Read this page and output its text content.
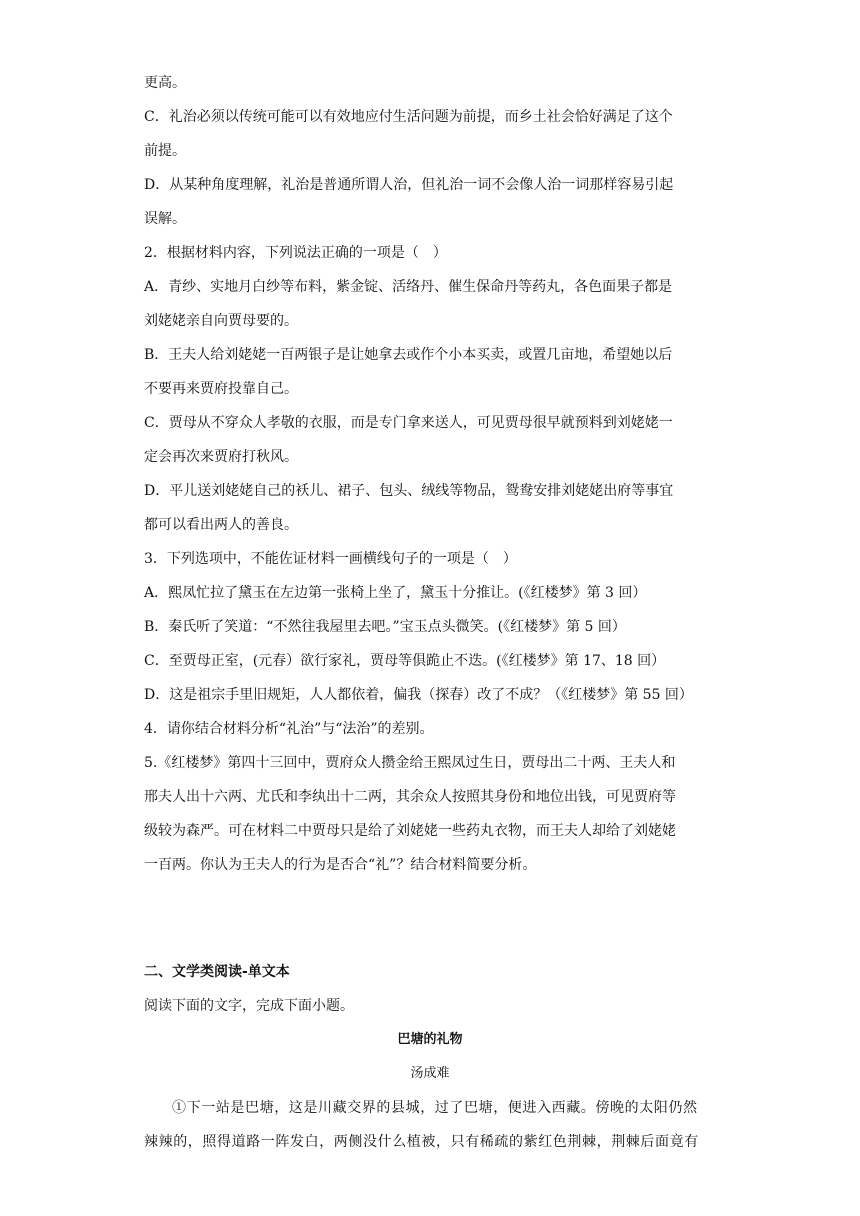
更高。
C．礼治必须以传统可能可以有效地应付生活问题为前提，而乡土社会恰好满足了这个
前提。
D．从某种角度理解，礼治是普通所谓人治，但礼治一词不会像人治一词那样容易引起
误解。
2．根据材料内容，下列说法正确的一项是（　）
A．青纱、实地月白纱等布料，紫金锭、活络丹、催生保命丹等药丸，各色面果子都是
刘姥姥亲自向贾母要的。
B．王夫人给刘姥姥一百两银子是让她拿去或作个小本买卖，或置几亩地，希望她以后
不要再来贾府投靠自己。
C．贾母从不穿众人孝敬的衣服，而是专门拿来送人，可见贾母很早就预料到刘姥姥一
定会再次来贾府打秋风。
D．平儿送刘姥姥自己的袄儿、裙子、包头、绒线等物品，鸳鸯安排刘姥姥出府等事宜
都可以看出两人的善良。
3．下列选项中，不能佐证材料一画横线句子的一项是（　）
A．熙凤忙拉了黛玉在左边第一张椅上坐了，黛玉十分推让。(《红楼梦》第 3 回）
B．秦氏听了笑道：“不然往我屋里去吧。”宝玉点头微笑。(《红楼梦》第 5 回）
C．至贾母正室，(元春）欲行家礼，贾母等俱跪止不迭。(《红楼梦》第 17、18 回）
D．这是祖宗手里旧规矩，人人都依着，偏我（探春）改了不成？（《红楼梦》第 55 回）
4．请你结合材料分析“礼治”与“法治”的差别。
5.《红楼梦》第四十三回中，贾府众人攒金给王熙凤过生日，贾母出二十两、王夫人和
邢夫人出十六两、尤氏和李纨出十二两，其余众人按照其身份和地位出钱，可见贾府等
级较为森严。可在材料二中贾母只是给了刘姥姥一些药丸衣物，而王夫人却给了刘姥姥
一百两。你认为王夫人的行为是否合“礼”？结合材料简要分析。
二、文学类阅读-单文本
阅读下面的文字，完成下面小题。
巴塘的礼物
汤成难
①下一站是巴塘，这是川藏交界的县城，过了巴塘，便进入西藏。傍晚的太阳仍然
辣辣的，照得道路一阵发白，两侧没什么植被，只有稀疏的紫红色荆棘，荆棘后面竟有
